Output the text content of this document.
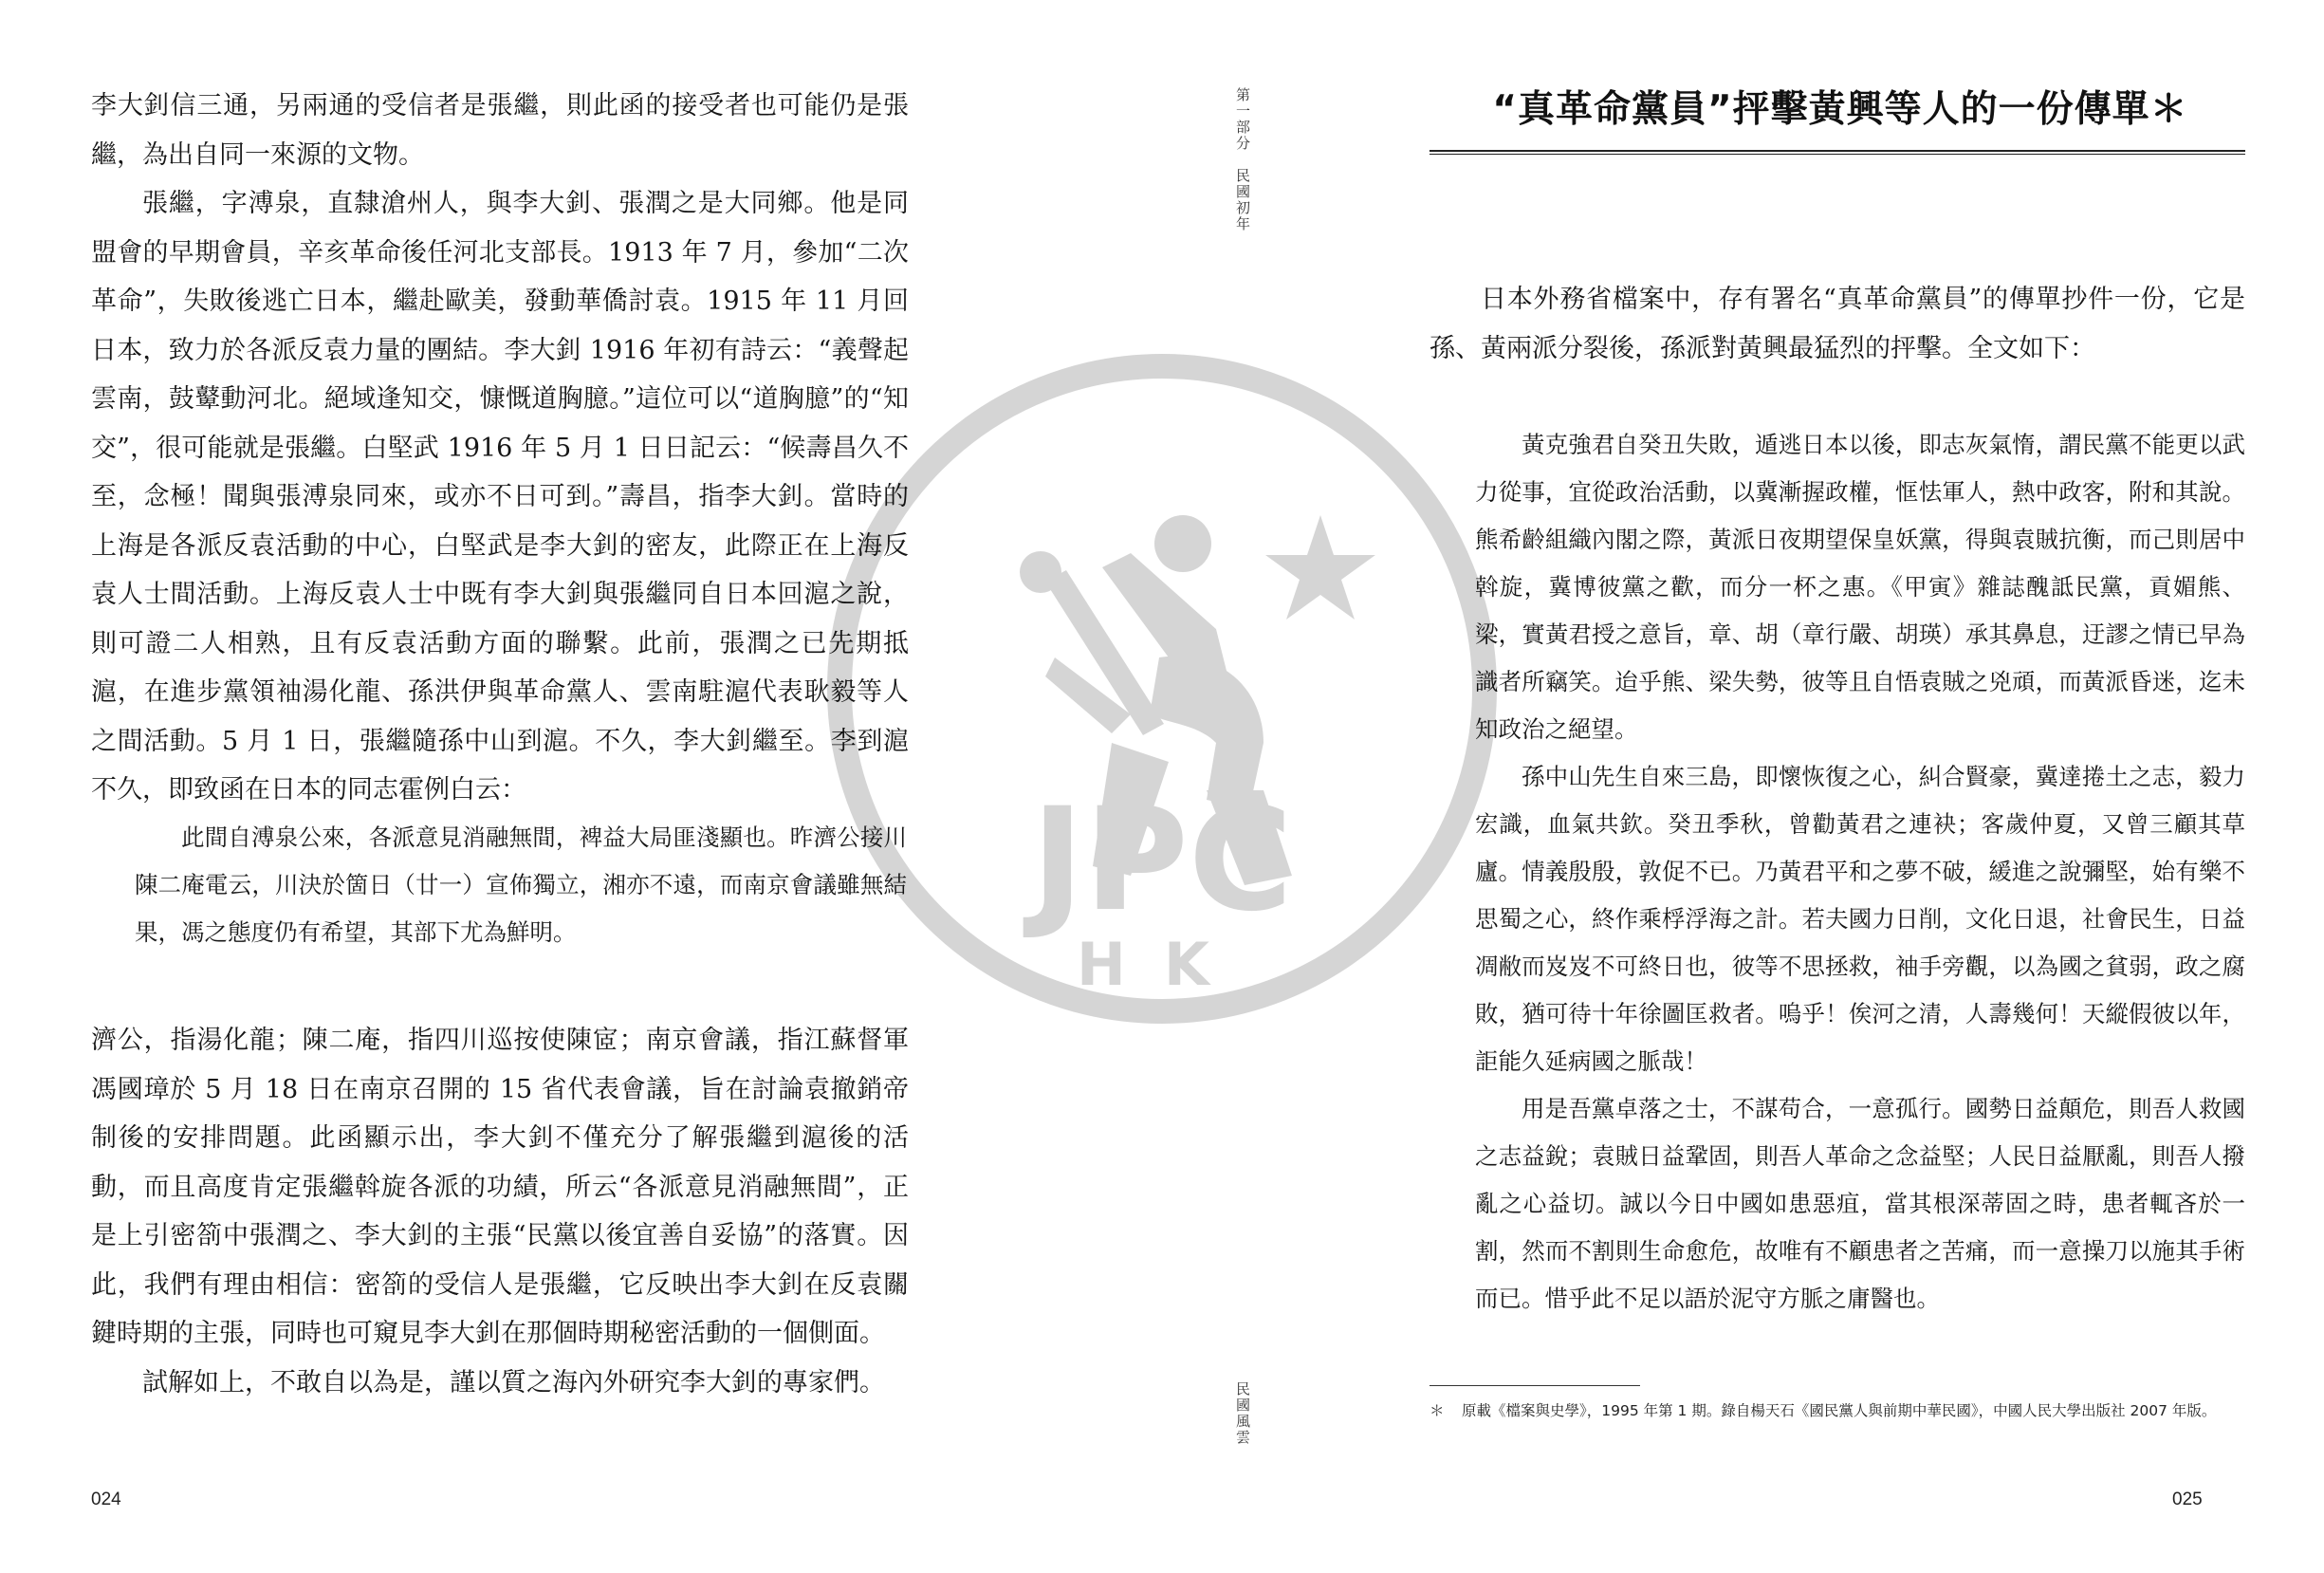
李大釗信三通，另兩通的受信者是張繼，則此函的接受者也可能仍是張繼，為出自同一來源的文物。

張繼，字溥泉，直隸滄州人，與李大釗、張潤之是大同鄉。他是同盟會的早期會員，辛亥革命後任河北支部長。1913 年 7 月，參加“二次革命”，失敗後逃亡日本，繼赴歐美，發動華僑討袁。1915 年 11 月回日本，致力於各派反袁力量的團結。李大釗 1916 年初有詩云：“義聲起雲南，鼓鼙動河北。絕域逢知交，慷慨道胸臆。”這位可以“道胸臆”的“知交”，很可能就是張繼。白堅武 1916 年 5 月 1 日日記云：“候壽昌久不至，念極！聞與張溥泉同來，或亦不日可到。”壽昌，指李大釗。當時的上海是各派反袁活動的中心，白堅武是李大釗的密友，此際正在上海反袁人士間活動。上海反袁人士中既有李大釗與張繼同自日本回滬之說，則可證二人相熟，且有反袁活動方面的聯繫。此前，張潤之已先期抵滬，在進步黨領袖湯化龍、孫洪伊與革命黨人、雲南駐滬代表耿毅等人之間活動。5 月 1 日，張繼隨孫中山到滬。不久，李大釗繼至。李到滬不久，即致函在日本的同志霍例白云：

此間自溥泉公來，各派意見消融無間，裨益大局匪淺顯也。昨濟公接川陳二庵電云，川決於箇日（廿一）宣佈獨立，湘亦不遠，而南京會議雖無結果，馮之態度仍有希望，其部下尤為鮮明。

濟公，指湯化龍；陳二庵，指四川巡按使陳宧；南京會議，指江蘇督軍馮國璋於 5 月 18 日在南京召開的 15 省代表會議，旨在討論袁撤銷帝制後的安排問題。此函顯示出，李大釗不僅充分了解張繼到滬後的活動，而且高度肯定張繼斡旋各派的功績，所云“各派意見消融無間”，正是上引密箚中張潤之、李大釗的主張“民黨以後宜善自妥協”的落實。因此，我們有理由相信：密箚的受信人是張繼，它反映出李大釗在反袁關鍵時期的主張，同時也可窺見李大釗在那個時期秘密活動的一個側面。

試解如上，不敢自以為是，謹以質之海內外研究李大釗的專家們。

024
第一部分　民國初年
民國風雲
“真革命黨員”抨擊黃興等人的一份傳單＊

日本外務省檔案中，存有署名“真革命黨員”的傳單抄件一份，它是孫、黃兩派分裂後，孫派對黃興最猛烈的抨擊。全文如下：

黃克強君自癸丑失敗，遁逃日本以後，即志灰氣惰，謂民黨不能更以武力從事，宜從政治活動，以冀漸握政權，恇怯軍人，熱中政客，附和其說。熊希齡組織內閣之際，黃派日夜期望保皇妖黨，得與袁賊抗衡，而己則居中斡旋，冀博彼黨之歡，而分一杯之惠。《甲寅》雜誌醜詆民黨，貢媚熊、梁，實黃君授之意旨，章、胡（章行嚴、胡瑛）承其鼻息，迂謬之情已早為識者所竊笑。迨乎熊、梁失勢，彼等且自悟袁賊之兇頑，而黃派昏迷，迄未知政治之絕望。

孫中山先生自來三島，即懷恢復之心，糾合賢豪，冀達捲土之志，毅力宏識，血氣共欽。癸丑季秋，曾勸黃君之連袂；客歲仲夏，又曾三顧其草廬。情義殷殷，敦促不已。乃黃君平和之夢不破，緩進之說彌堅，始有樂不思蜀之心，終作乘桴浮海之計。若夫國力日削，文化日退，社會民生，日益凋敝而岌岌不可終日也，彼等不思拯救，袖手旁觀，以為國之貧弱，政之腐敗，猶可待十年徐圖匡救者。嗚乎！俟河之清，人壽幾何！天縱假彼以年，詎能久延病國之脈哉！

用是吾黨卓落之士，不謀苟合，一意孤行。國勢日益顛危，則吾人救國之志益銳；袁賊日益鞏固，則吾人革命之念益堅；人民日益厭亂，則吾人撥亂之心益切。誠以今日中國如患惡疽，當其根深蒂固之時，患者輒吝於一割，然而不割則生命愈危，故唯有不顧患者之苦痛，而一意操刀以施其手術而已。惜乎此不足以語於泥守方脈之庸醫也。

＊ 原載《檔案與史學》，1995 年第 1 期。錄自楊天石《國民黨人與前期中華民國》，中國人民大學出版社 2007 年版。
025
JPC
HK
